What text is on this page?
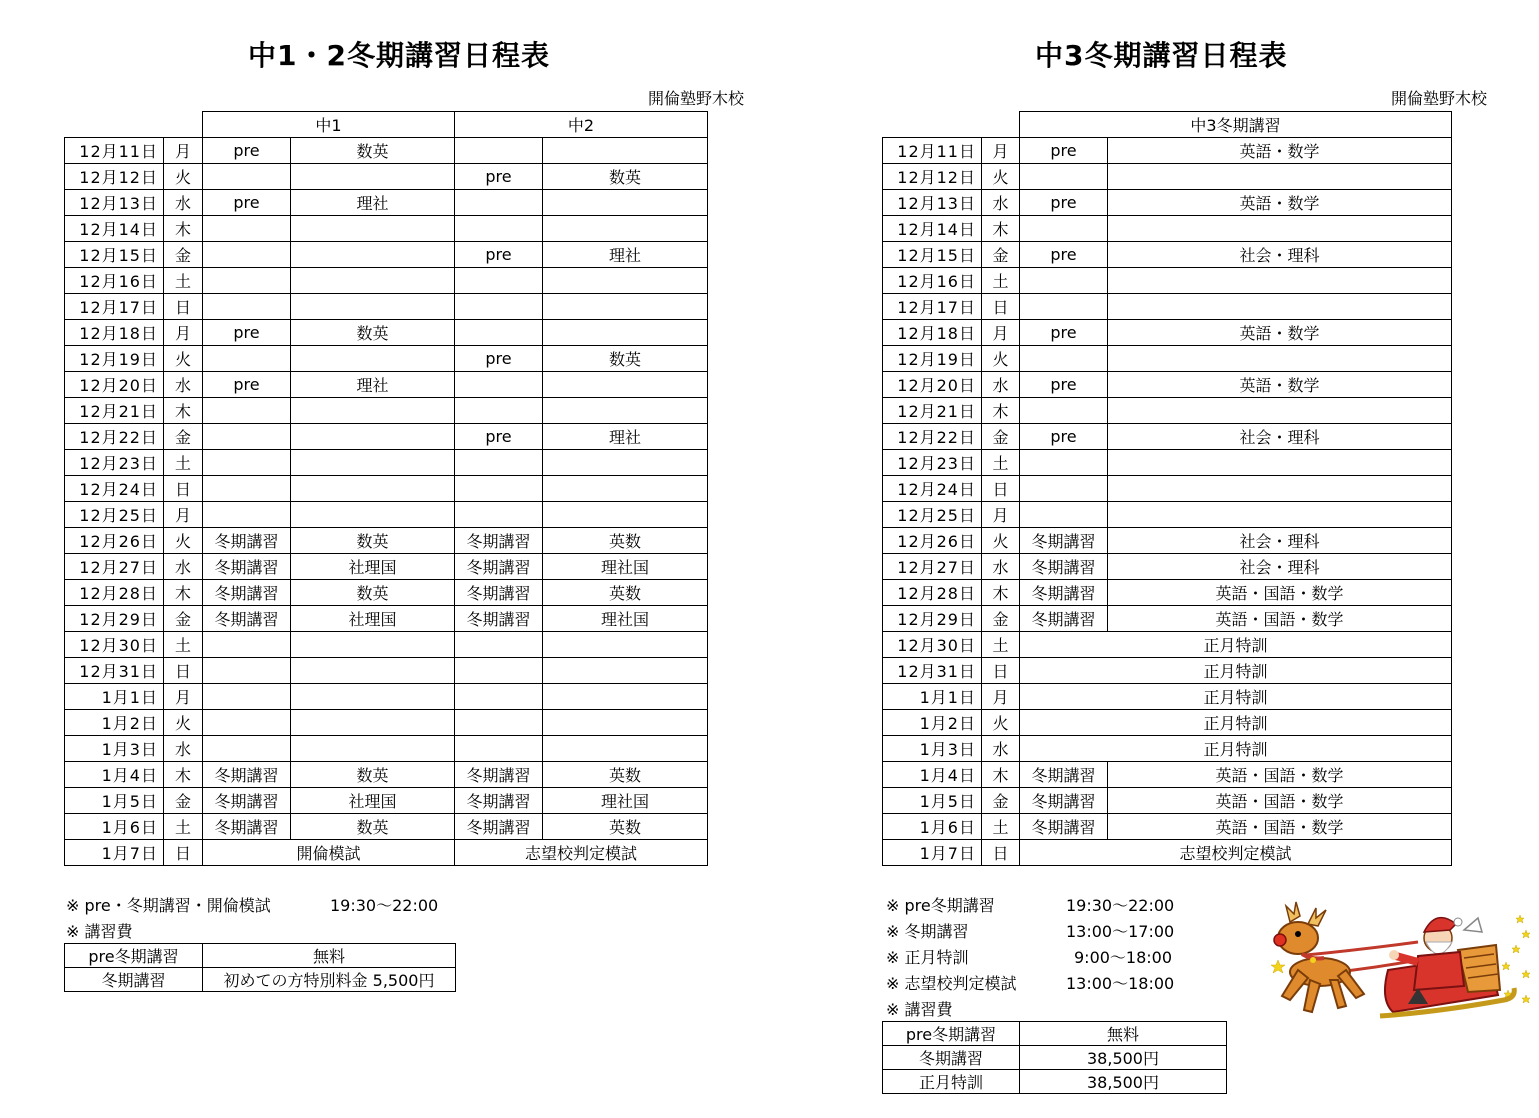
中1・2冬期講習日程表
開倫塾野木校
		中1		中2	
12月11日	月	pre	数英		
12月12日	火			pre	数英
12月13日	水	pre	理社		
12月14日	木				
12月15日	金			pre	理社
12月16日	土				
12月17日	日				
12月18日	月	pre	数英		
12月19日	火			pre	数英
12月20日	水	pre	理社		
12月21日	木				
12月22日	金			pre	理社
12月23日	土				
12月24日	日				
12月25日	月				
12月26日	火	冬期講習	数英	冬期講習	英数
12月27日	水	冬期講習	社理国	冬期講習	理社国
12月28日	木	冬期講習	数英	冬期講習	英数
12月29日	金	冬期講習	社理国	冬期講習	理社国
12月30日	土				
12月31日	日				
1月1日	月				
1月2日	火				
1月3日	水				
1月4日	木	冬期講習	数英	冬期講習	英数
1月5日	金	冬期講習	社理国	冬期講習	理社国
1月6日	土	冬期講習	数英	冬期講習	英数
1月7日	日	開倫模試		志望校判定模試	
※ pre・冬期講習・開倫模試	19:30～22:00
※ 講習費
pre冬期講習	無料
冬期講習	初めての方特別料金 5,500円
中3冬期講習日程表
開倫塾野木校
		中3冬期講習	
12月11日	月	pre	英語・数学
12月12日	火		
12月13日	水	pre	英語・数学
12月14日	木		
12月15日	金	pre	社会・理科
12月16日	土		
12月17日	日		
12月18日	月	pre	英語・数学
12月19日	火		
12月20日	水	pre	英語・数学
12月21日	木		
12月22日	金	pre	社会・理科
12月23日	土		
12月24日	日		
12月25日	月		
12月26日	火	冬期講習	社会・理科
12月27日	水	冬期講習	社会・理科
12月28日	木	冬期講習	英語・国語・数学
12月29日	金	冬期講習	英語・国語・数学
12月30日	土	正月特訓	
12月31日	日	正月特訓	
1月1日	月	正月特訓	
1月2日	火	正月特訓	
1月3日	水	正月特訓	
1月4日	木	冬期講習	英語・国語・数学
1月5日	金	冬期講習	英語・国語・数学
1月6日	土	冬期講習	英語・国語・数学
1月7日	日	志望校判定模試	
※ pre冬期講習	19:30～22:00
※ 冬期講習	13:00～17:00
※ 正月特訓	9:00～18:00
※ 志望校判定模試	13:00～18:00
※ 講習費
pre冬期講習	無料
冬期講習	38,500円
正月特訓	38,500円
